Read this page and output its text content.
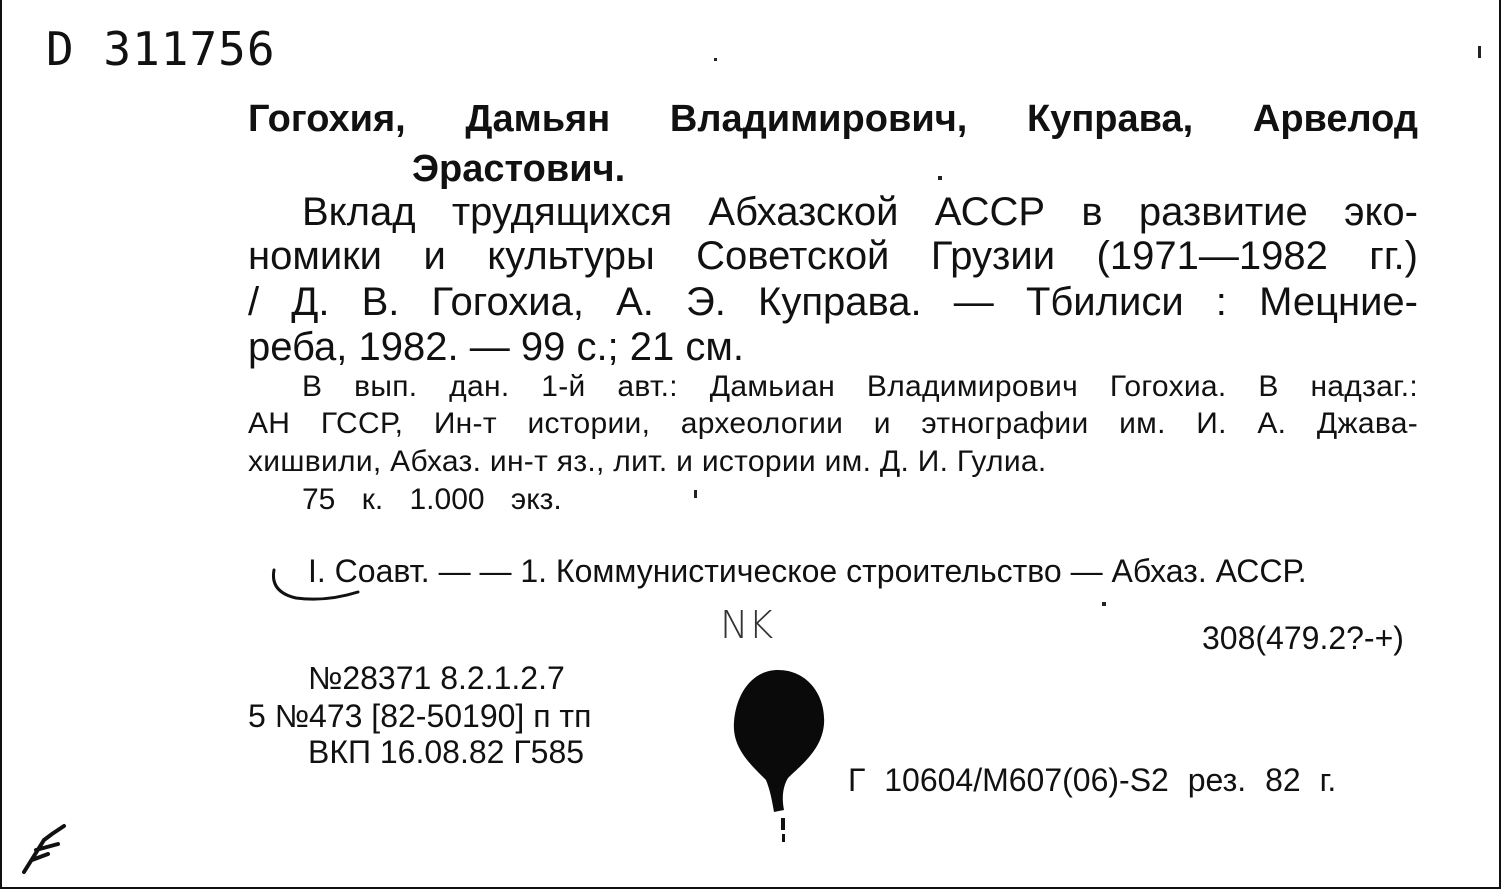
D 311756
Гогохия, Дамьян Владимирович, Куправа, Арвелод
Эрастович.
Вклад трудящихся Абхазской АССР в развитие эко-
номики и культуры Советской Грузии (1971—1982 гг.)
/ Д. В. Гогохиа, А. Э. Куправа. — Тбилиси : Мецние-
реба, 1982. — 99 с.; 21 см.
В вып. дан. 1-й авт.: Дамьиан Владимирович Гогохиа. В надзаг.:
АН ГССР, Ин-т истории, археологии и этнографии им. И. А. Джава-
хишвили, Абхаз. ин-т яз., лит. и истории им. Д. И. Гулиа.
75 к. 1.000 экз.
I. Соавт. — — 1. Коммунистическое строительство — Абхаз. АССР.
NK	308(479.2?-+)
№28371 8.2.1.2.7
5 №473 [82-50190] п тп
ВКП 16.08.82 Г585
Г 10604/М607(06)-S2 рез. 82 г.
